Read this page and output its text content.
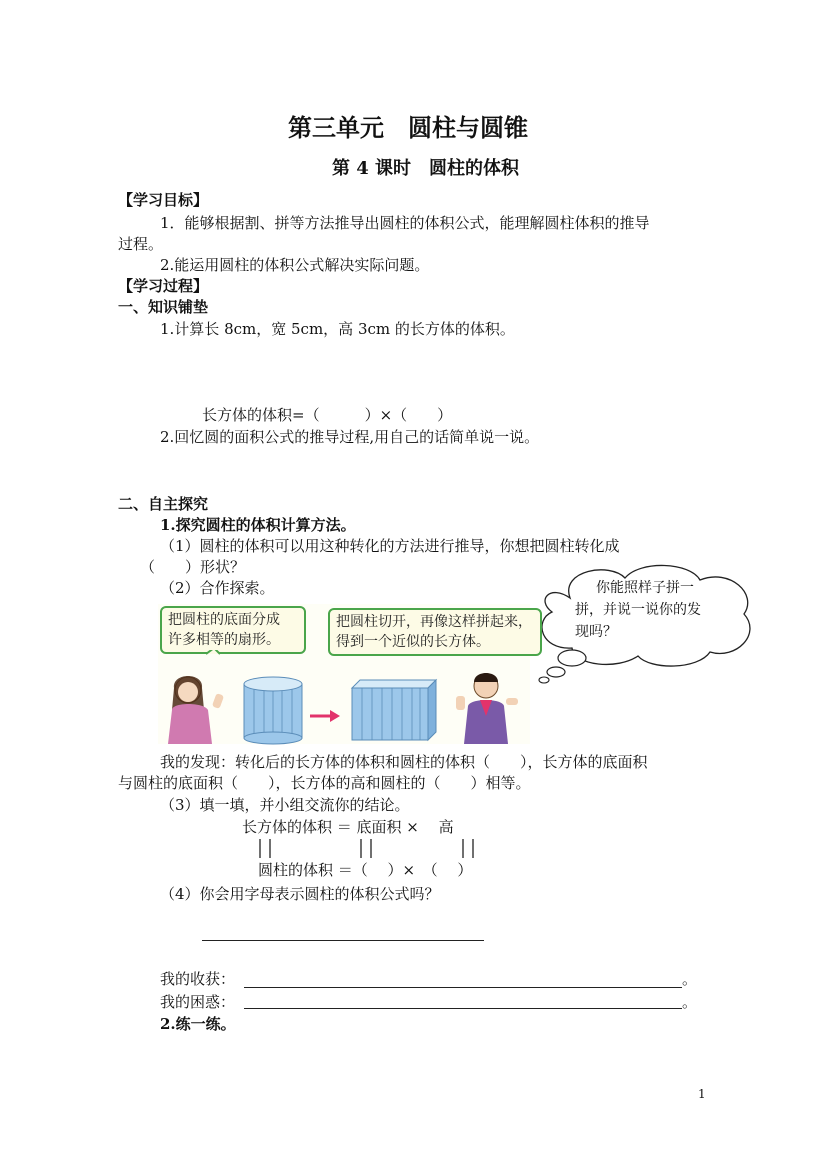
第三单元　圆柱与圆锥
第 4 课时　圆柱的体积
【学习目标】
1．能够根据割、拼等方法推导出圆柱的体积公式，能理解圆柱体积的推导
过程。
2.能运用圆柱的体积公式解决实际问题。
【学习过程】
一、知识铺垫
1.计算长 8cm，宽 5cm，高 3cm 的长方体的体积。
长方体的体积=（　　　）×（　　）
2.回忆圆的面积公式的推导过程,用自己的话简单说一说。
二、自主探究
1.探究圆柱的体积计算方法。
（1）圆柱的体积可以用这种转化的方法进行推导，你想把圆柱转化成
（　　）形状？
（2）合作探索。	你能照样子拼一
拼，并说一说你的发
现吗？
把圆柱的底面分成
许多相等的扇形。
把圆柱切开，再像这样拼起来，
得到一个近似的长方体。
我的发现：转化后的长方体的体积和圆柱的体积（　　），长方体的底面积
与圆柱的底面积（　　），长方体的高和圆柱的（　　）相等。
（3）填一填，并小组交流你的结论。
长方体的体积 ＝ 底面积 ×　 高
圆柱的体积 ＝（　 ）×　（　 ）
（4）你会用字母表示圆柱的体积公式吗？
我的收获：	。
我的困惑：	。
2.练一练。
1
